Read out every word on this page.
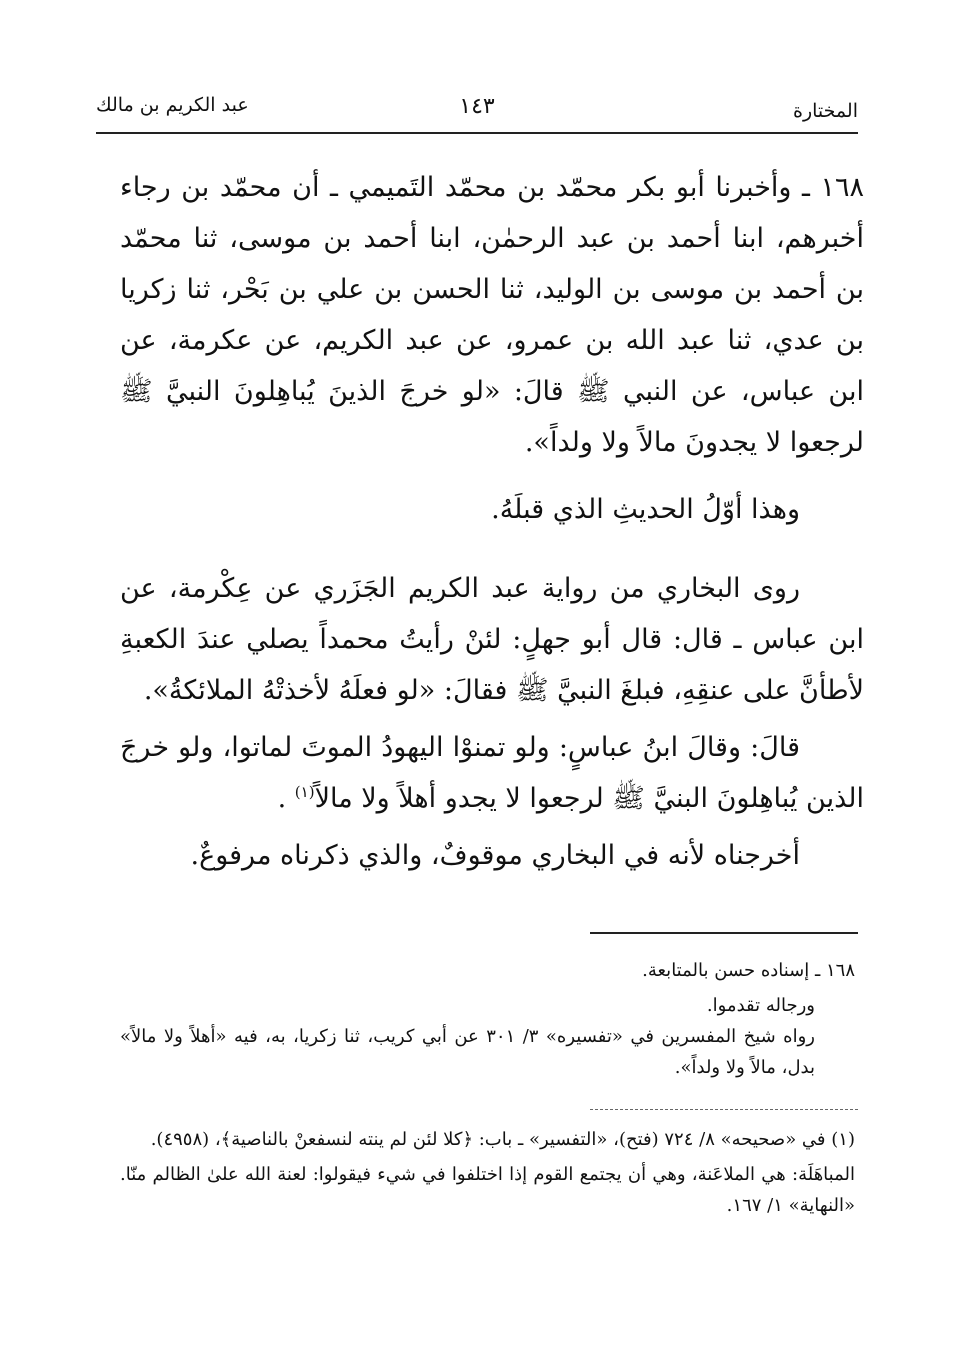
المختارة
١٤٣
عبد الكريم بن مالك

١٦٨ ـ وأخبرنا أبو بكر محمّد بن محمّد التَميمي ـ أن محمّد بن رجاء أخبرهم، ابنا أحمد بن عبد الرحمٰن، ابنا أحمد بن موسى، ثنا محمّد بن أحمد بن موسى بن الوليد، ثنا الحسن بن علي بن بَحْر، ثنا زكريا بن عدي، ثنا عبد الله بن عمرو، عن عبد الكريم، عن عكرمة، عن ابن عباس، عن النبي ﷺ قالَ: «لو خرجَ الذينَ يُباهِلونَ النبيَّ ﷺ لرجعوا لا يجدونَ مالاً ولا ولداً».

وهذا أوّلُ الحديثِ الذي قبلَهُ.

روى البخاري من رواية عبد الكريم الجَزَري عن عِكْرمة، عن ابن عباس ـ قال: قال أبو جهلٍ: لئنْ رأيتُ محمداً يصلي عندَ الكعبةِ لأطأنَّ على عنقِهِ، فبلغَ النبيَّ ﷺ فقالَ: «لو فعلَهُ لأخذتْهُ الملائكةُ».

قالَ: وقالَ ابنُ عباسٍ: ولو تمنوْا اليهودُ الموتَ لماتوا، ولو خرجَ الذين يُباهِلونَ البنيَّ ﷺ لرجعوا لا يجدو أهلاً ولا مالاً$^{(١)}$ .

أخرجناه لأنه في البخاري موقوفٌ، والذي ذكرناه مرفوعٌ.

١٦٨ ـ إسناده حسن بالمتابعة.

ورجاله تقدموا.

رواه شيخ المفسرين في «تفسيره» ٣/ ٣٠١ عن أبي كريب، ثنا زكريا، به، فيه «أهلاً ولا مالاً» بدل، مالاً ولا ولداً».

(١) في «صحيحه» ٨/ ٧٢٤ (فتح)، «التفسير» ـ باب: ﴿كلا لئن لم ينته لنسفعنْ بالناصية﴾، (٤٩٥٨).

المباهَلَة: هي الملاعَنة، وهي أن يجتمع القوم إذا اختلفوا في شيء فيقولوا: لعنة الله علىٰ الظالم منّا. «النهاية» ١/ ١٦٧.
